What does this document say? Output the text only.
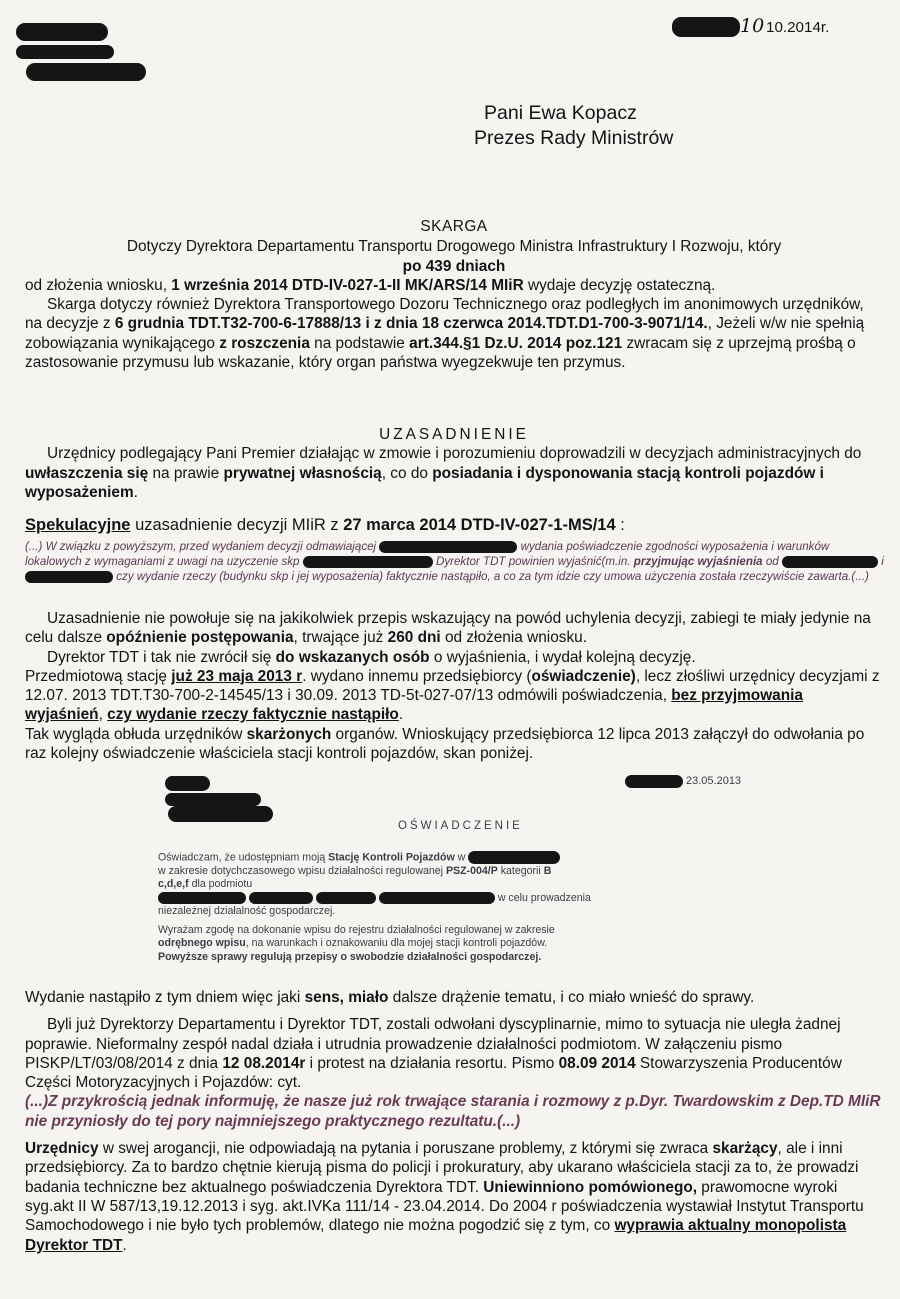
10 10.2014r.
Pani Ewa Kopacz
Prezes Rady Ministrów

SKARGA

Dotyczy Dyrektora Departamentu Transportu Drogowego Ministra Infrastruktury I Rozwoju, który

po 439 dniach

od złożenia wniosku, 1 września 2014 DTD-IV-027-1-II MK/ARS/14 MIiR wydaje decyzję ostateczną.

Skarga dotyczy również Dyrektora Transportowego Dozoru Technicznego oraz podległych im anonimowych urzędników, na decyzje z 6 grudnia TDT.T32-700-6-17888/13 i z dnia 18 czerwca 2014.TDT.D1-700-3-9071/14., Jeżeli w/w nie spełnią zobowiązania wynikającego z roszczenia na podstawie art.344.§1 Dz.U. 2014 poz.121 zwracam się z uprzejmą prośbą o zastosowanie przymusu lub wskazanie, który organ państwa wyegzekwuje ten przymus.

UZASADNIENIE

Urzędnicy podlegający Pani Premier działając w zmowie i porozumieniu doprowadzili w decyzjach administracyjnych do uwłaszczenia się na prawie prywatnej własnością, co do posiadania i dysponowania stacją kontroli pojazdów i wyposażeniem.

Spekulacyjne uzasadnienie decyzji MIiR z 27 marca 2014 DTD-IV-027-1-MS/14 :

(...) W związku z powyższym, przed wydaniem decyzji odmawiającej	wydania poświadczenie zgodności wyposażenia i warunków lokalowych z wymaganiami z uwagi na uzyczenie skp	Dyrektor TDT powinien wyjaśnić(m.in. przyjmując wyjaśnienia od	i  czy wydanie rzeczy (budynku skp i jej wyposażenia) faktycznie nastąpiło, a co za tym idzie czy umowa użyczenia została rzeczywiście zawarta.(...)

Uzasadnienie nie powołuje się na jakikolwiek przepis wskazujący na powód uchylenia decyzji, zabiegi te miały jedynie na celu dalsze opóźnienie postępowania, trwające już 260 dni od złożenia wniosku.

Dyrektor TDT i tak nie zwrócił się do wskazanych osób o wyjaśnienia, i wydał kolejną decyzję.

Przedmiotową stację już 23 maja 2013 r. wydano innemu przedsiębiorcy (oświadczenie), lecz złośliwi urzędnicy decyzjami z 12.07. 2013 TDT.T30-700-2-14545/13 i 30.09. 2013 TD-5t-027-07/13 odmówili poświadczenia, bez przyjmowania wyjaśnień, czy wydanie rzeczy faktycznie nastąpiło.

Tak wygląda obłuda urzędników skarżonych organów. Wnioskujący przedsiębiorca 12 lipca 2013 załączył do odwołania po raz kolejny oświadczenie właściciela stacji kontroli pojazdów, skan poniżej.

23.05.2013
OŚWIADCZENIE

Oświadczam, że udostępniam moją Stację Kontroli Pojazdów w

w zakresie dotychczasowego wpisu działalności regulowanej PSZ-004/P kategorii B

c,d,e,f dla podmiotu

w celu prowadzenia

niezależnej działalność gospodarczej.

Wyrażam zgodę na dokonanie wpisu do rejestru działalności regulowanej w zakresie

odrębnego wpisu, na warunkach i oznakowaniu dla mojej stacji kontroli pojazdów.

Powyższe sprawy regulują przepisy o swobodzie działalności gospodarczej.

Wydanie nastąpiło z tym dniem więc jaki sens, miało dalsze drążenie tematu, i co miało wnieść do sprawy.

Byli już Dyrektorzy Departamentu i Dyrektor TDT, zostali odwołani dyscyplinarnie, mimo to sytuacja nie uległa żadnej poprawie. Nieformalny zespół nadal działa i utrudnia prowadzenie działalności podmiotom. W załączeniu pismo PISKP/LT/03/08/2014 z dnia 12 08.2014r i protest na działania resortu. Pismo 08.09 2014 Stowarzyszenia Producentów Części Motoryzacyjnych i Pojazdów: cyt.

(...)Z przykrością jednak informuję, że nasze już rok trwające starania i rozmowy z p.Dyr. Twardowskim z Dep.TD MIiR nie przyniosły do tej pory najmniejszego praktycznego rezultatu.(...)

Urzędnicy w swej arogancji, nie odpowiadają na pytania i poruszane problemy, z którymi się zwraca skarżący, ale i inni przedsiębiorcy. Za to bardzo chętnie kierują pisma do policji i prokuratury, aby ukarano właściciela stacji za to, że prowadzi badania techniczne bez aktualnego poświadczenia Dyrektora TDT. Uniewinniono pomówionego, prawomocne wyroki syg.akt II W 587/13,19.12.2013 i syg. akt.IVKa 111/14 - 23.04.2014. Do 2004 r poświadczenia wystawiał Instytut Transportu Samochodowego i nie było tych problemów, dlatego nie można pogodzić się z tym, co wyprawia aktualny monopolista Dyrektor TDT.
